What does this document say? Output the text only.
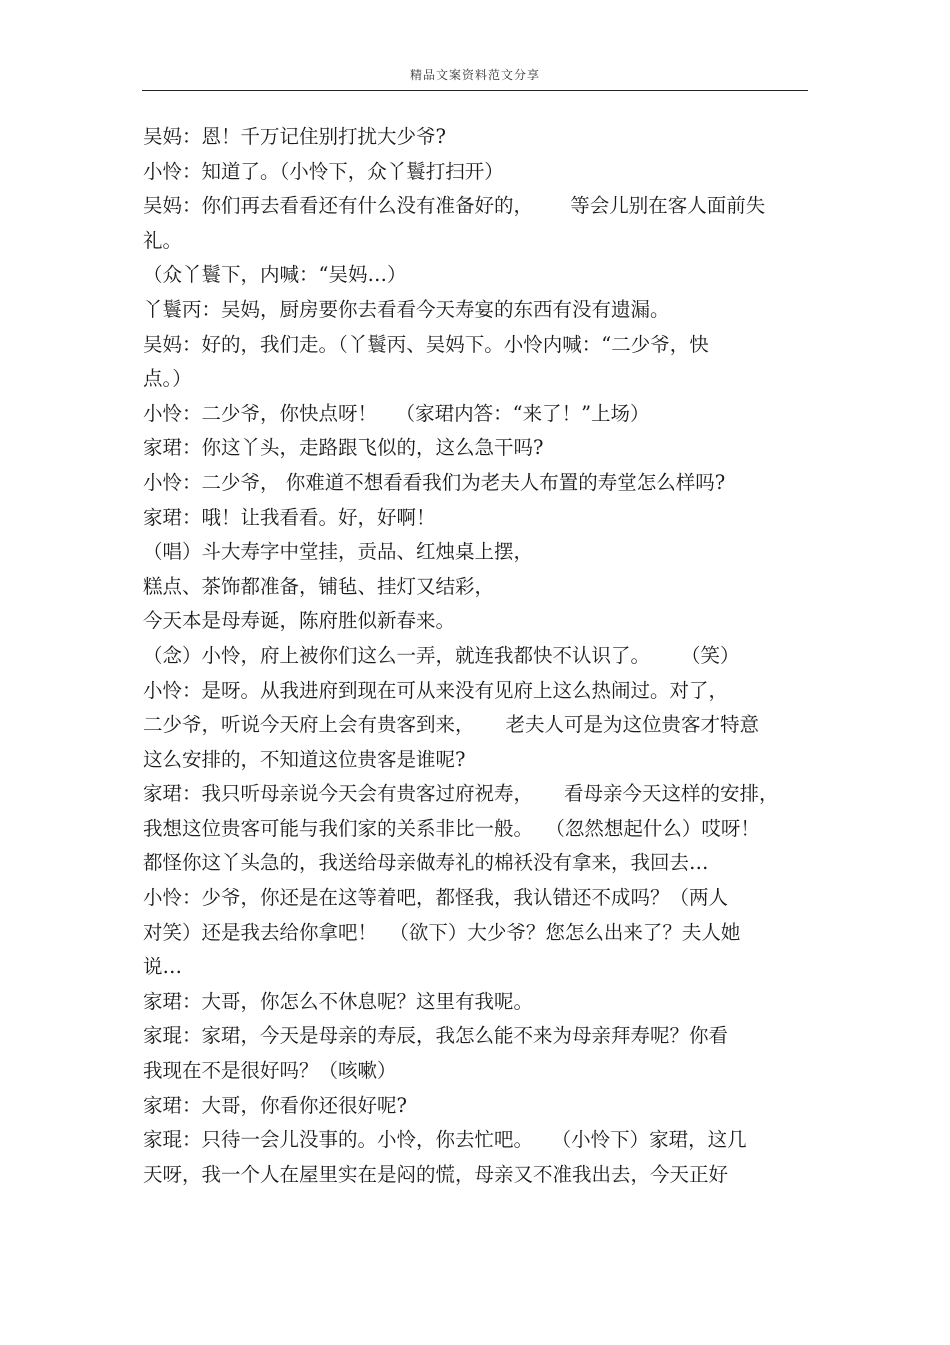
精品文案资料范文分享
吴妈：恩！千万记住别打扰大少爷?
小怜：知道了。（小怜下，众丫鬟打扫开）
吴妈：你们再去看看还有什么没有准备好的，      等会儿别在客人面前失
礼。
（众丫鬟下，内喊：“吴妈…）
丫鬟丙：吴妈，厨房要你去看看今天寿宴的东西有没有遗漏。
吴妈：好的，我们走。（丫鬟丙、吴妈下。小怜内喊：“二少爷，快
点。）
小怜：二少爷，你快点呀！   （家珺内答：“来了！”上场）
家珺：你这丫头，走路跟飞似的，这么急干吗?
小怜：二少爷， 你难道不想看看我们为老夫人布置的寿堂怎么样吗?
家珺：哦！让我看看。好，好啊！
（唱）斗大寿字中堂挂，贡品、红烛桌上摆，
糕点、茶饰都准备，铺毡、挂灯又结彩，
今天本是母寿诞，陈府胜似新春来。
（念）小怜，府上被你们这么一弄，就连我都快不认识了。     （笑）
小怜：是呀。从我进府到现在可从来没有见府上这么热闹过。对了，
二少爷，听说今天府上会有贵客到来，     老夫人可是为这位贵客才特意
这么安排的，不知道这位贵客是谁呢?
家珺：我只听母亲说今天会有贵客过府祝寿，     看母亲今天这样的安排，
我想这位贵客可能与我们家的关系非比一般。  （忽然想起什么）哎呀！
都怪你这丫头急的，我送给母亲做寿礼的棉袄没有拿来，我回去…
小怜：少爷，你还是在这等着吧，都怪我，我认错还不成吗？（两人
对笑）还是我去给你拿吧！  （欲下）大少爷？您怎么出来了？夫人她
说…
家珺：大哥，你怎么不休息呢？这里有我呢。
家琨：家珺，今天是母亲的寿辰，我怎么能不来为母亲拜寿呢？你看
我现在不是很好吗？（咳嗽）
家珺：大哥，你看你还很好呢?
家琨：只待一会儿没事的。小怜，你去忙吧。   （小怜下）家珺，这几
天呀，我一个人在屋里实在是闷的慌，母亲又不准我出去，今天正好
